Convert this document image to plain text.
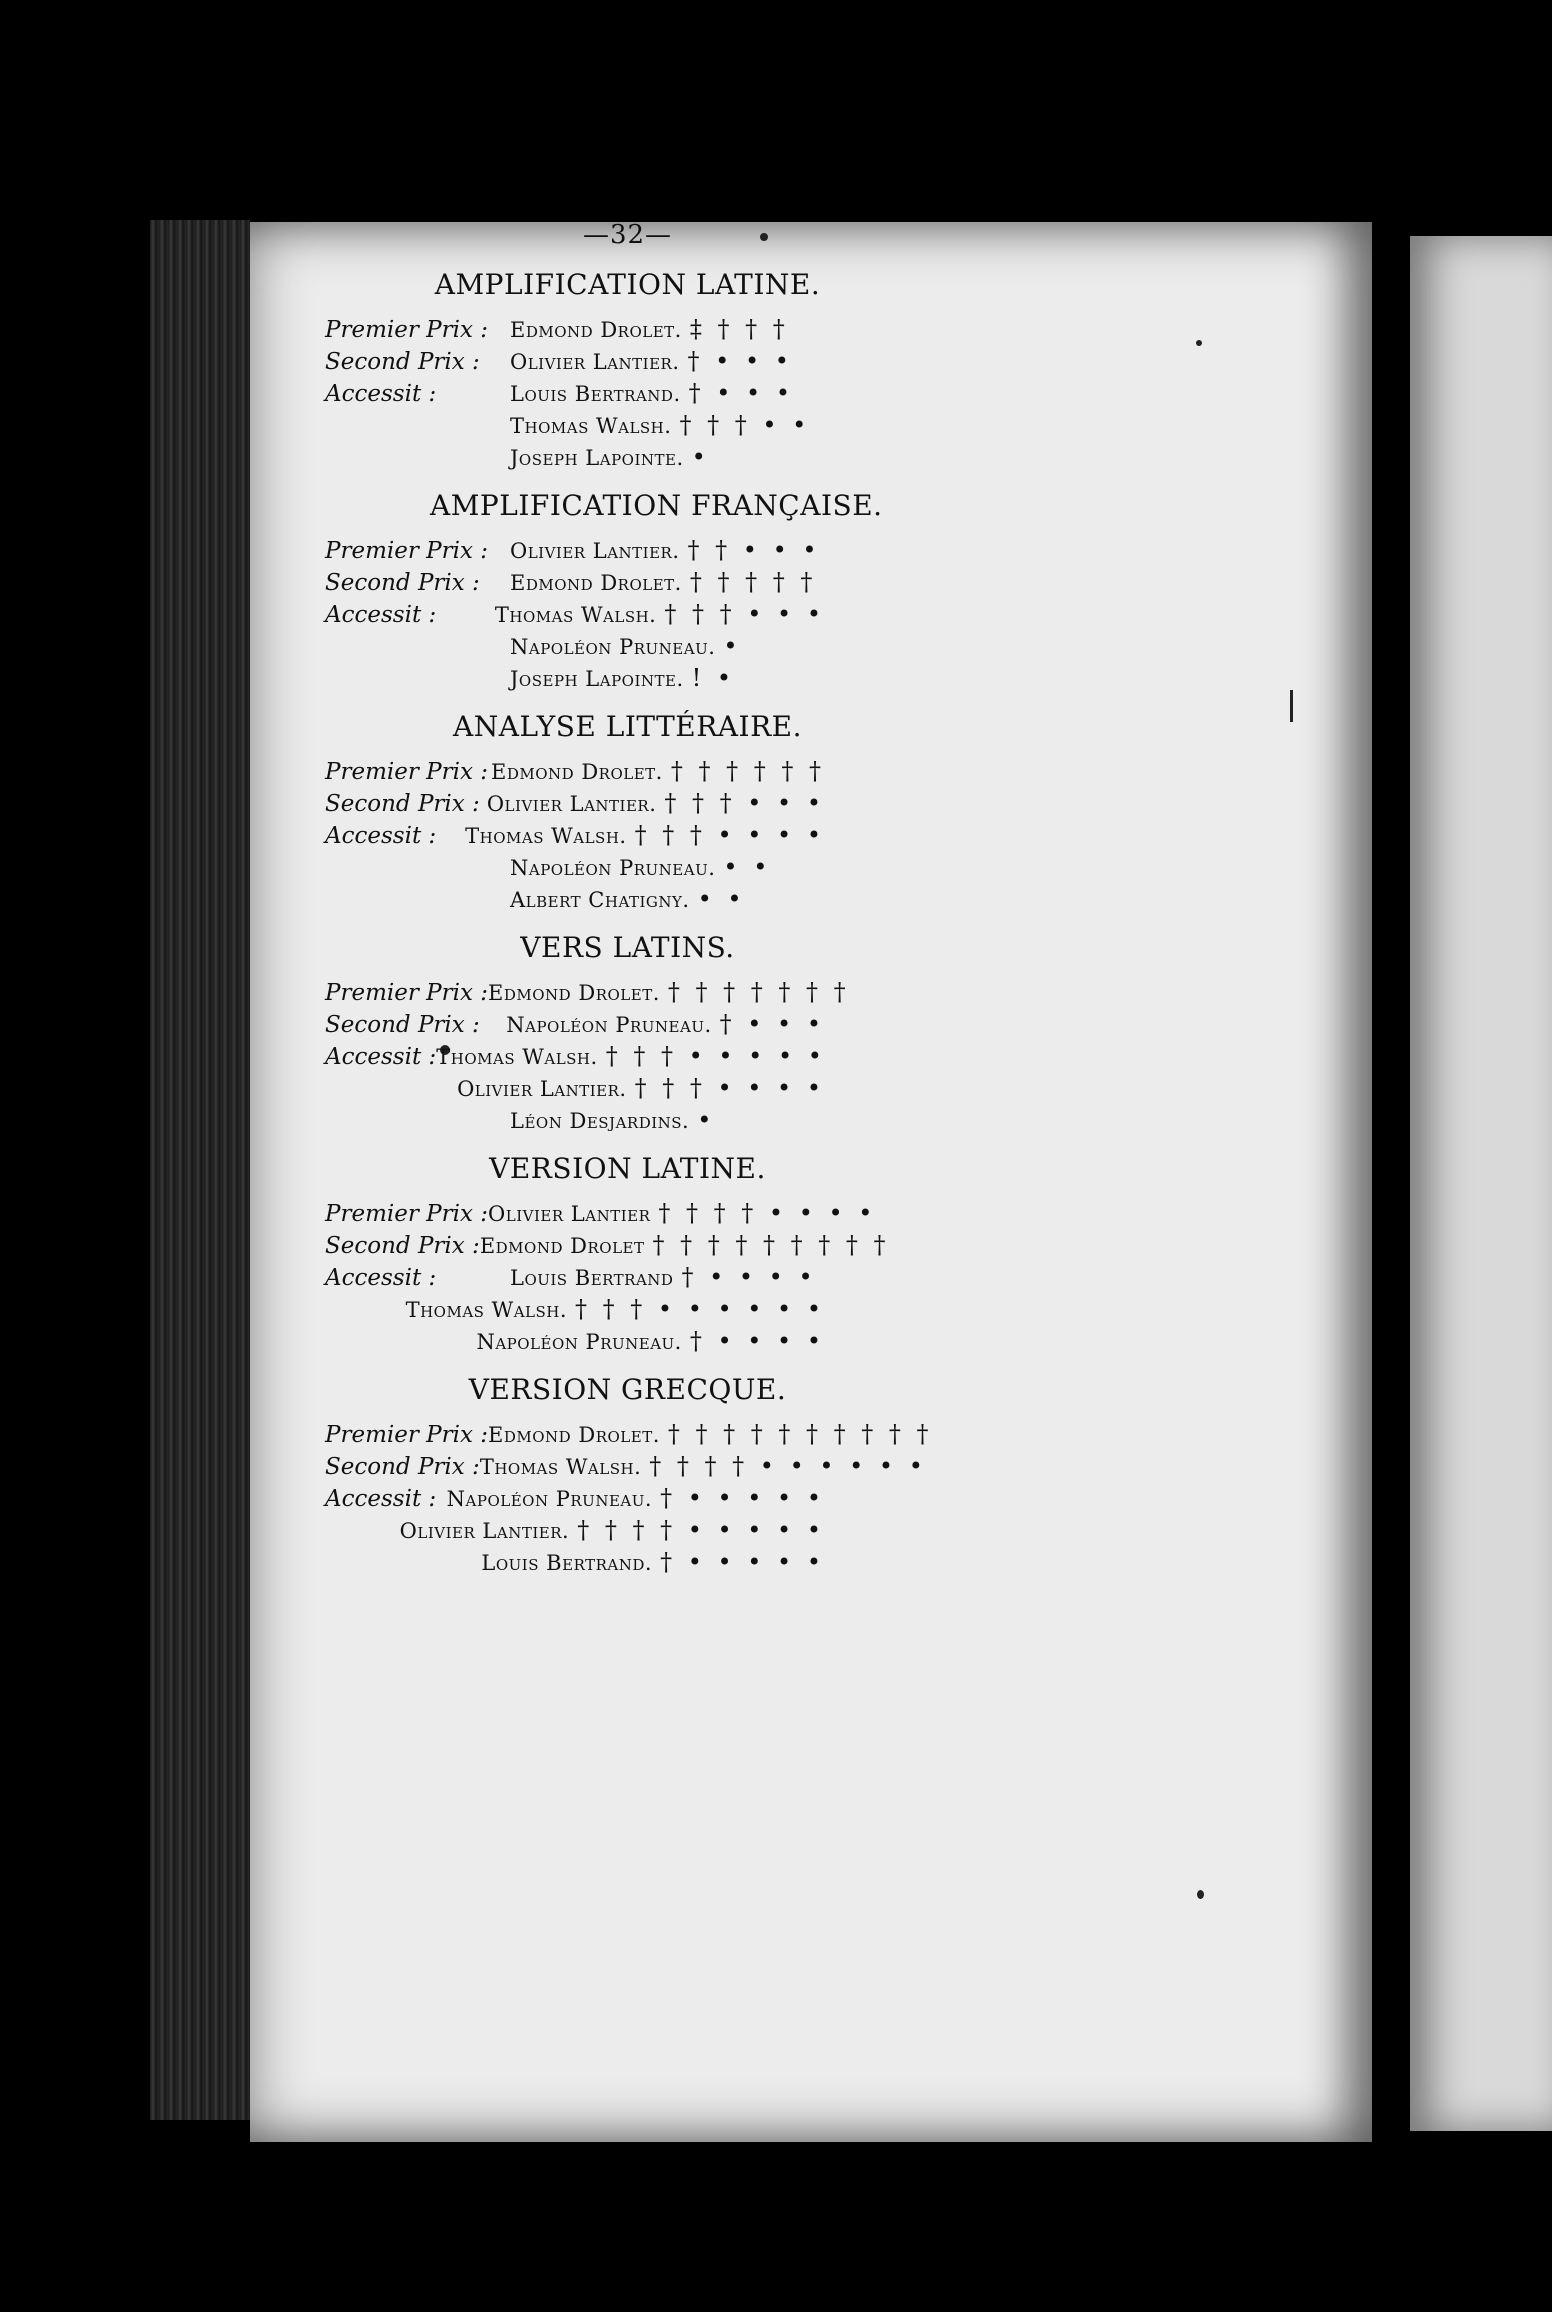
—32—
AMPLIFICATION LATINE.
Premier Prix :	Edmond Drolet. ‡ † † †
Second Prix :	Olivier Lantier. † • • •
Accessit :	Louis Bertrand. † • • •
Thomas Walsh. † † † • •
Joseph Lapointe. •
AMPLIFICATION FRANÇAISE.
Premier Prix :	Olivier Lantier. † † • • •
Second Prix :	Edmond Drolet. † † † † †
Accessit :	Thomas Walsh. † † † • • •
Napoléon Pruneau. •
Joseph Lapointe. ! •
ANALYSE LITTÉRAIRE.
Premier Prix : Edmond Drolet. † † † † † †
Second Prix : Olivier Lantier. † † † • • •
Accessit :	Thomas Walsh. † † † • • • •
Napoléon Pruneau. • •
Albert Chatigny. • •
VERS LATINS.
Premier Prix : Edmond Drolet. † † † † † † †
Second Prix :	Napoléon Pruneau. † • • •
Accessit : Thomas Walsh. † † † • • • • •
Olivier Lantier. † † † • • • •
Léon Desjardins. •
VERSION LATINE.
Premier Prix : Olivier Lantier † † † † • • • •
Second Prix : Edmond Drolet † † † † † † † † †
Accessit :	Louis Bertrand † • • • •
Thomas Walsh. † † † • • • • • •
Napoléon Pruneau. † • • • •
VERSION GRECQUE.
Premier Prix : Edmond Drolet. † † † † † † † † † †
Second Prix : Thomas Walsh. † † † † • • • • • •
Accessit : Napoléon Pruneau. † • • • • •
Olivier Lantier. † † † † • • • • •
Louis Bertrand. † • • • • •
